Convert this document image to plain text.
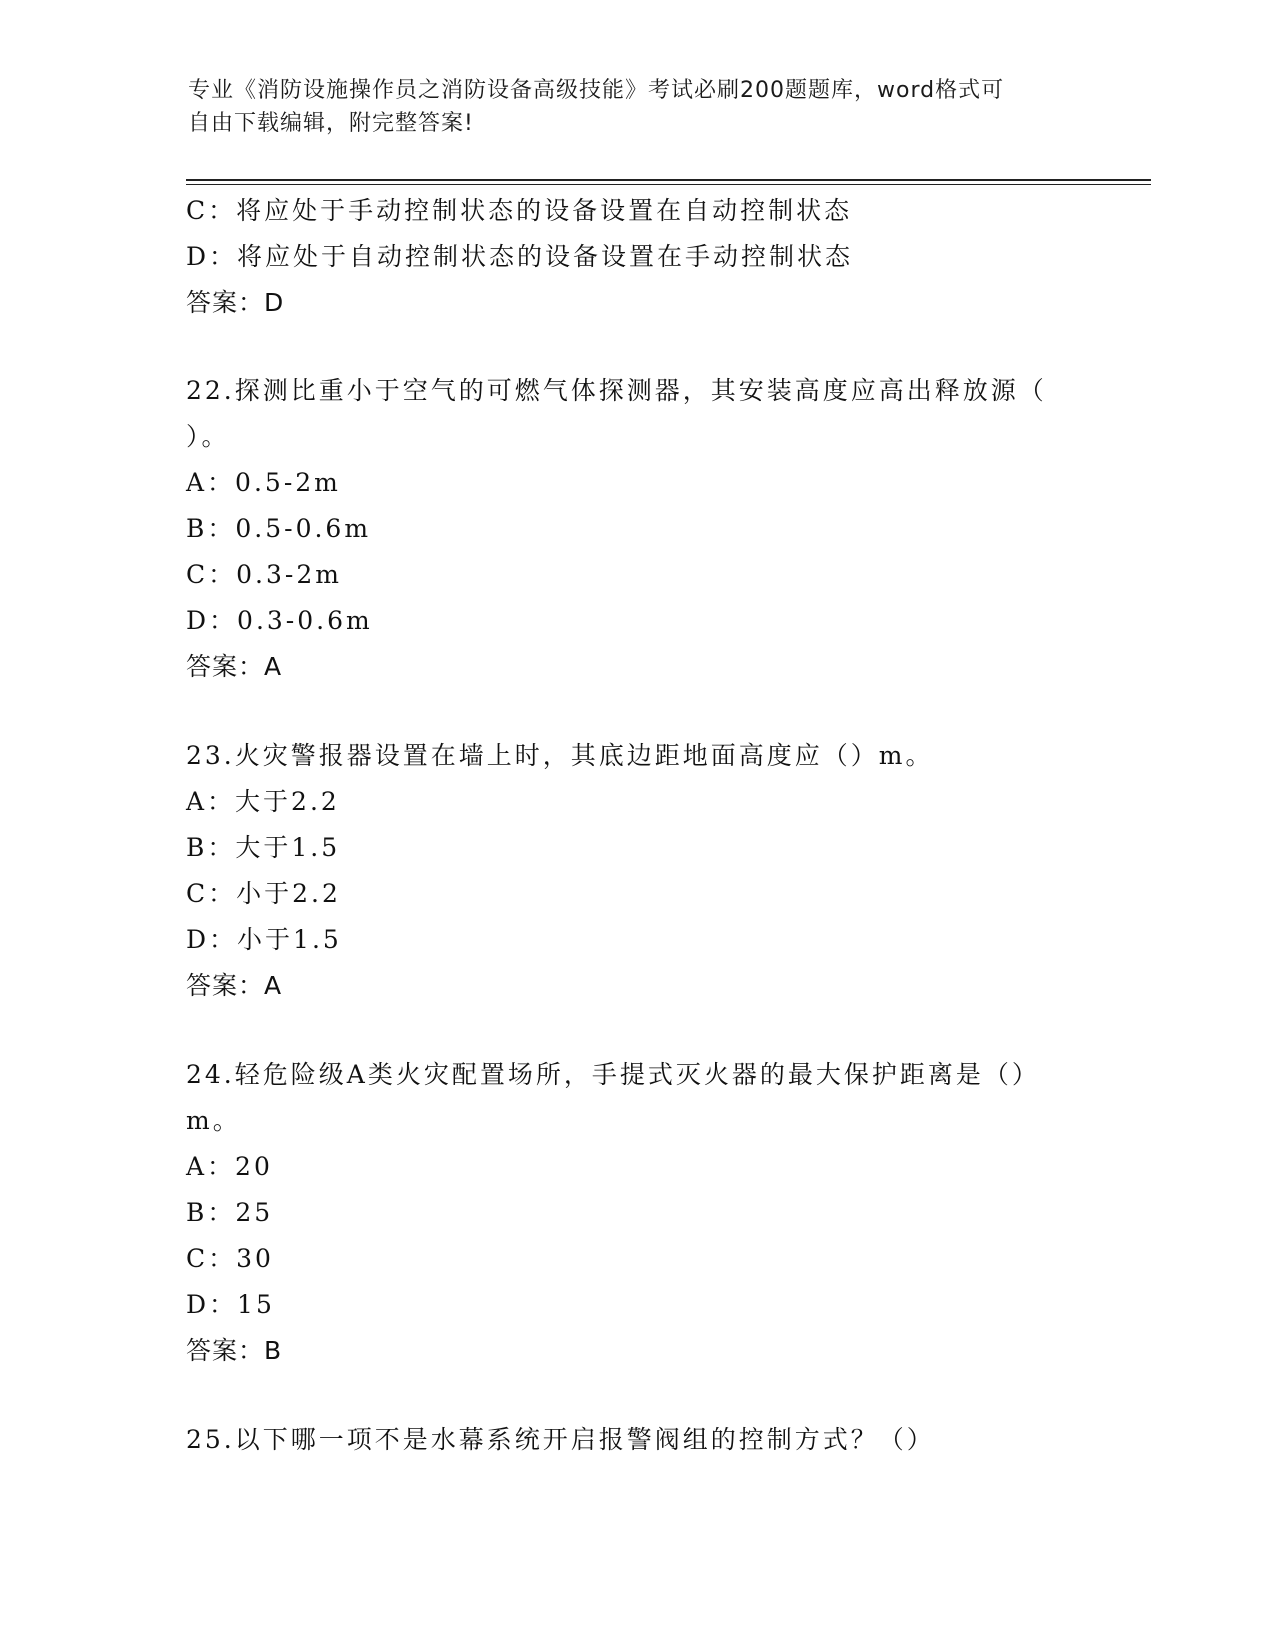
专业《消防设施操作员之消防设备高级技能》考试必刷200题题库，word格式可
自由下载编辑，附完整答案!
C：将应处于手动控制状态的设备设置在自动控制状态
D：将应处于自动控制状态的设备设置在手动控制状态
答案：D
22.探测比重小于空气的可燃气体探测器，其安装高度应高出释放源（
）。
A：0.5-2m
B：0.5-0.6m
C：0.3-2m
D：0.3-0.6m
答案：A
23.火灾警报器设置在墙上时，其底边距地面高度应（）m。
A：大于2.2
B：大于1.5
C：小于2.2
D：小于1.5
答案：A
24.轻危险级A类火灾配置场所，手提式灭火器的最大保护距离是（）
m。
A：20
B：25
C：30
D：15
答案：B
25.以下哪一项不是水幕系统开启报警阀组的控制方式？（）
